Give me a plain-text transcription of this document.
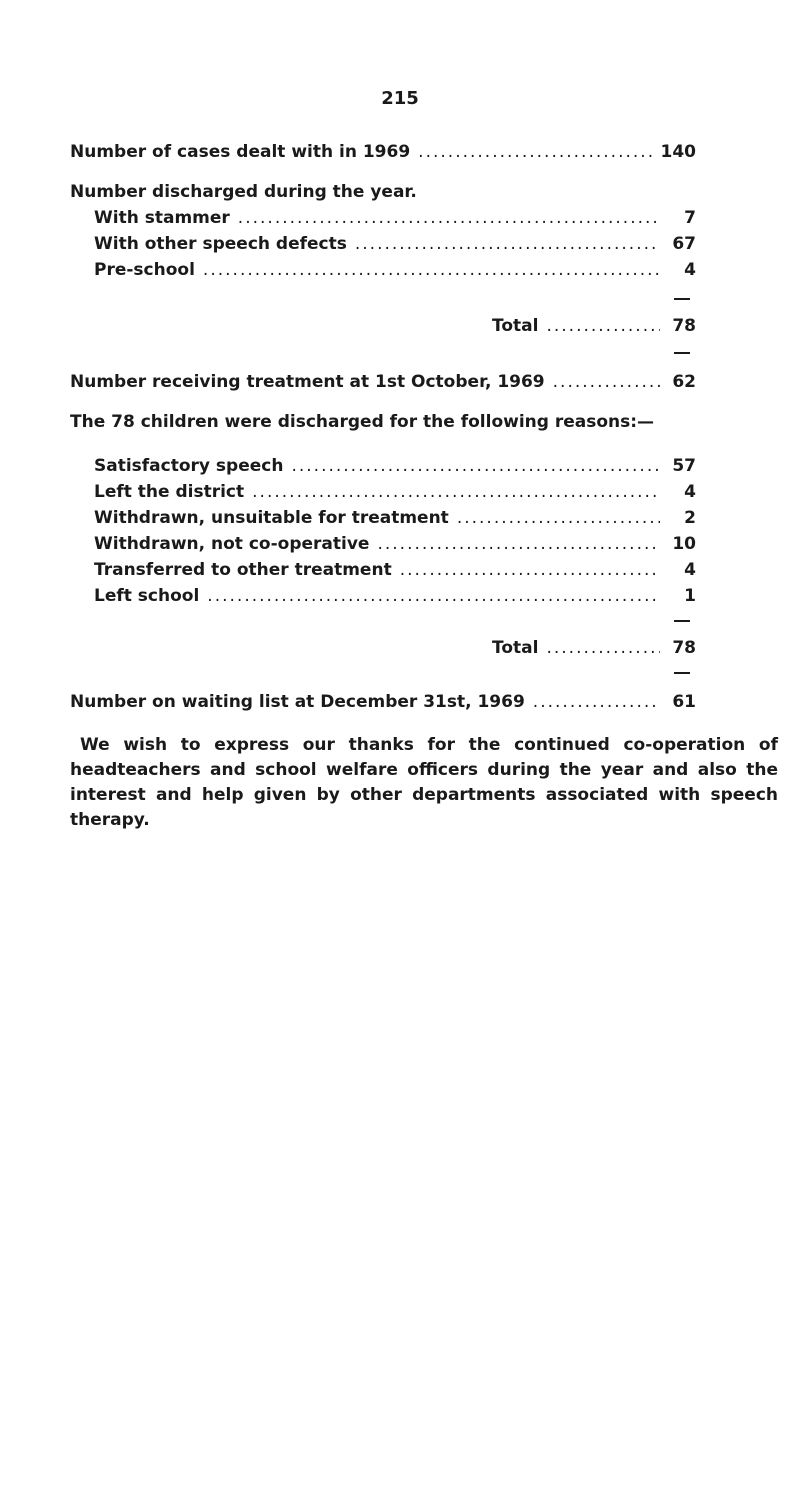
215
Number of cases dealt with in 1969 .....	140
Number discharged during the year.
With stammer .....	7
With other speech defects .....	67
Pre-school .....	4
Total .....	78
Number receiving treatment at 1st October, 1969 .....	62
The 78 children were discharged for the following reasons:—
Satisfactory speech .....	57
Left the district .....	4
Withdrawn, unsuitable for treatment .....	2
Withdrawn, not co-operative .....	10
Transferred to other treatment .....	4
Left school .....	1
Total .....	78
Number on waiting list at December 31st, 1969 .....	61
We wish to express our thanks for the continued co-operation of headteachers and school welfare officers during the year and also the interest and help given by other departments associated with speech therapy.
